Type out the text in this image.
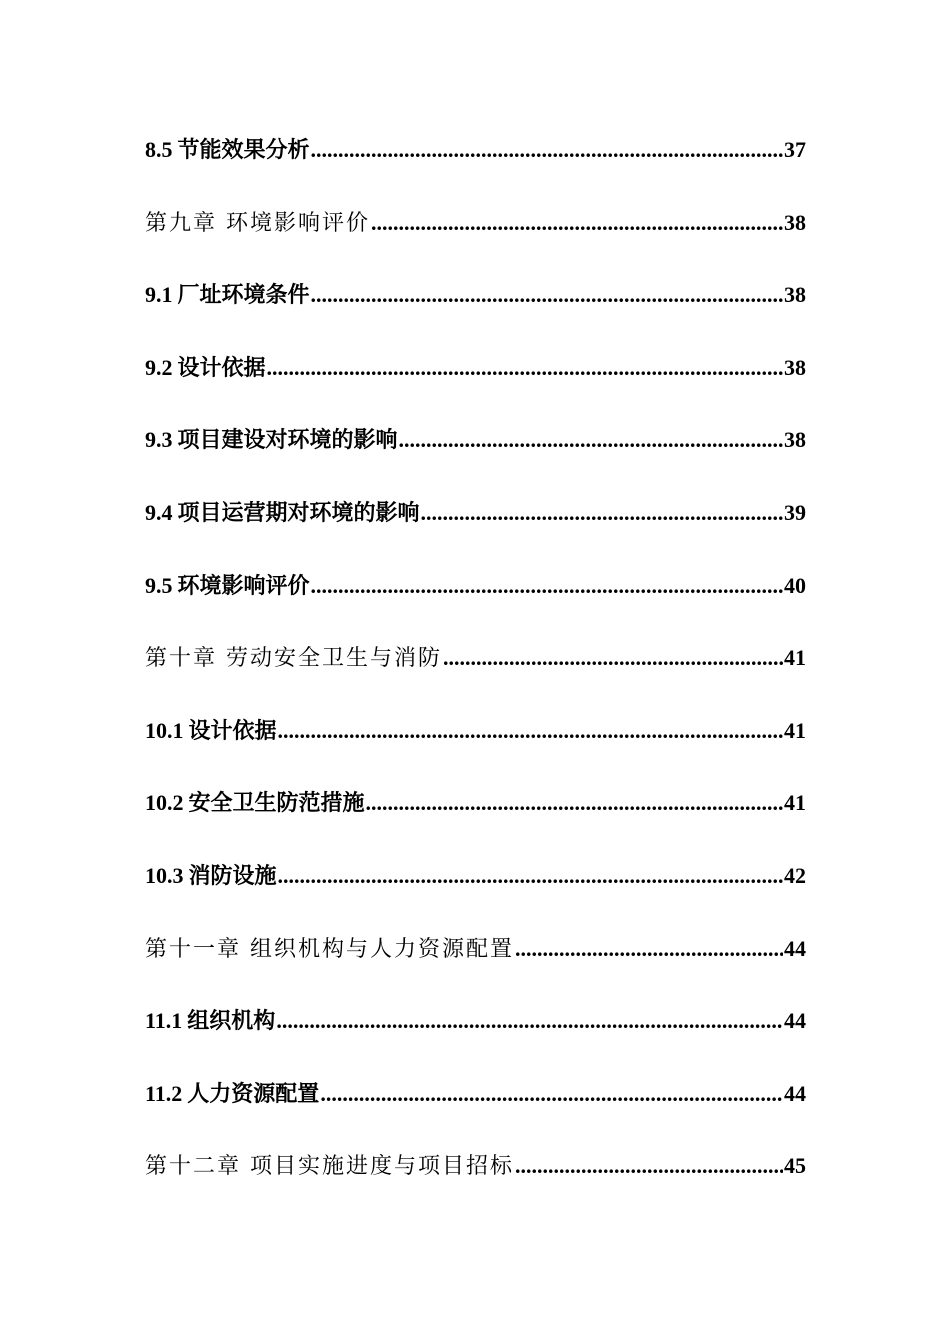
8.5 节能效果分析 .....	37
第九章 环境影响评价 .....	38
9.1 厂址环境条件 .....	38
9.2 设计依据 .....	38
9.3 项目建设对环境的影响 .....	38
9.4 项目运营期对环境的影响 .....	39
9.5 环境影响评价 .....	40
第十章 劳动安全卫生与消防 .....	41
10.1 设计依据 .....	41
10.2 安全卫生防范措施 .....	41
10.3 消防设施 .....	42
第十一章 组织机构与人力资源配置 .....	44
11.1 组织机构 .....	44
11.2 人力资源配置 .....	44
第十二章 项目实施进度与项目招标 .....	45
